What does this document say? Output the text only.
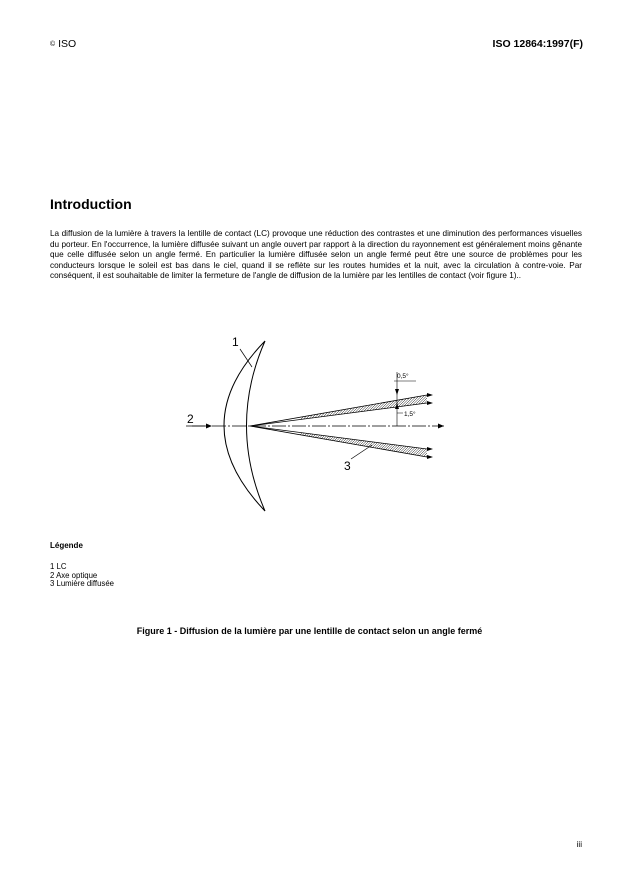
© ISO	ISO 12864:1997(F)
Introduction

La diffusion de la lumière à travers la lentille de contact (LC) provoque une réduction des contrastes et une diminution des performances visuelles du porteur. En l'occurrence, la lumière diffusée suivant un angle ouvert par rapport à la direction du rayonnement est généralement moins gênante que celle diffusée selon un angle fermé. En particulier la lumière diffusée selon un angle fermé peut être une source de problèmes pour les conducteurs lorsque le soleil est bas dans le ciel, quand il se reflète sur les routes humides et la nuit, avec la circulation à contre-voie. Par conséquent, il est souhaitable de limiter la fermeture de l'angle de diffusion de la lumière par les lentilles de contact (voir figure 1)..

1
2
3
0,5°
1,5°
Légende
1 LC
2 Axe optique
3 Lumière diffusée
Figure 1 - Diffusion de la lumière par une lentille de contact selon un angle fermé
iii
